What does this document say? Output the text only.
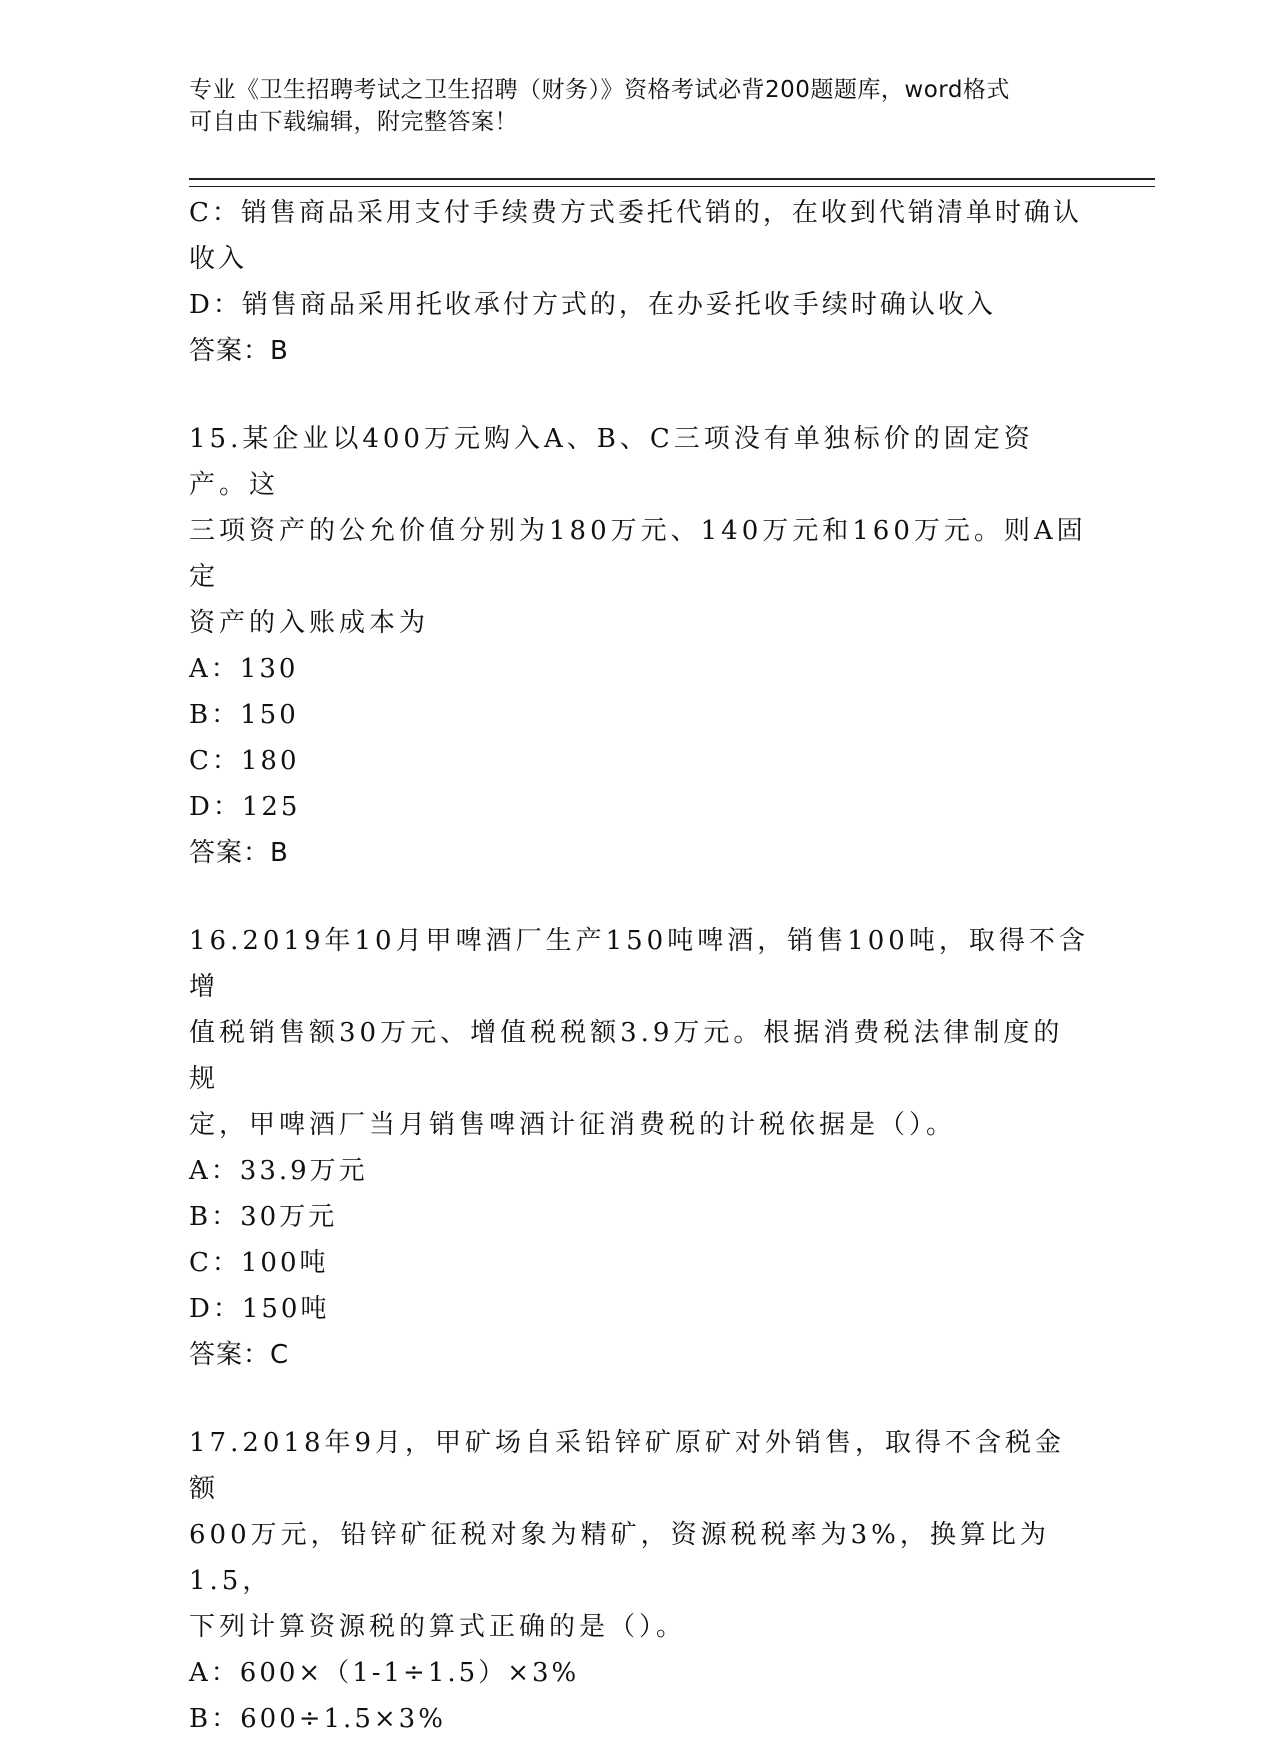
专业《卫生招聘考试之卫生招聘（财务）》资格考试必背200题题库，word格式
可自由下载编辑，附完整答案！
C：销售商品采用支付手续费方式委托代销的，在收到代销清单时确认
收入
D：销售商品采用托收承付方式的，在办妥托收手续时确认收入
答案：B
15.某企业以400万元购入A、B、C三项没有单独标价的固定资产。这
三项资产的公允价值分别为180万元、140万元和160万元。则A固定
资产的入账成本为
A：130
B：150
C：180
D：125
答案：B
16.2019年10月甲啤酒厂生产150吨啤酒，销售100吨，取得不含增
值税销售额30万元、增值税税额3.9万元。根据消费税法律制度的规
定，甲啤酒厂当月销售啤酒计征消费税的计税依据是（）。
A：33.9万元
B：30万元
C：100吨
D：150吨
答案：C
17.2018年9月，甲矿场自采铅锌矿原矿对外销售，取得不含税金额
600万元，铅锌矿征税对象为精矿，资源税税率为3%，换算比为1.5，
下列计算资源税的算式正确的是（）。
A：600×（1-1÷1.5）×3%
B：600÷1.5×3%
